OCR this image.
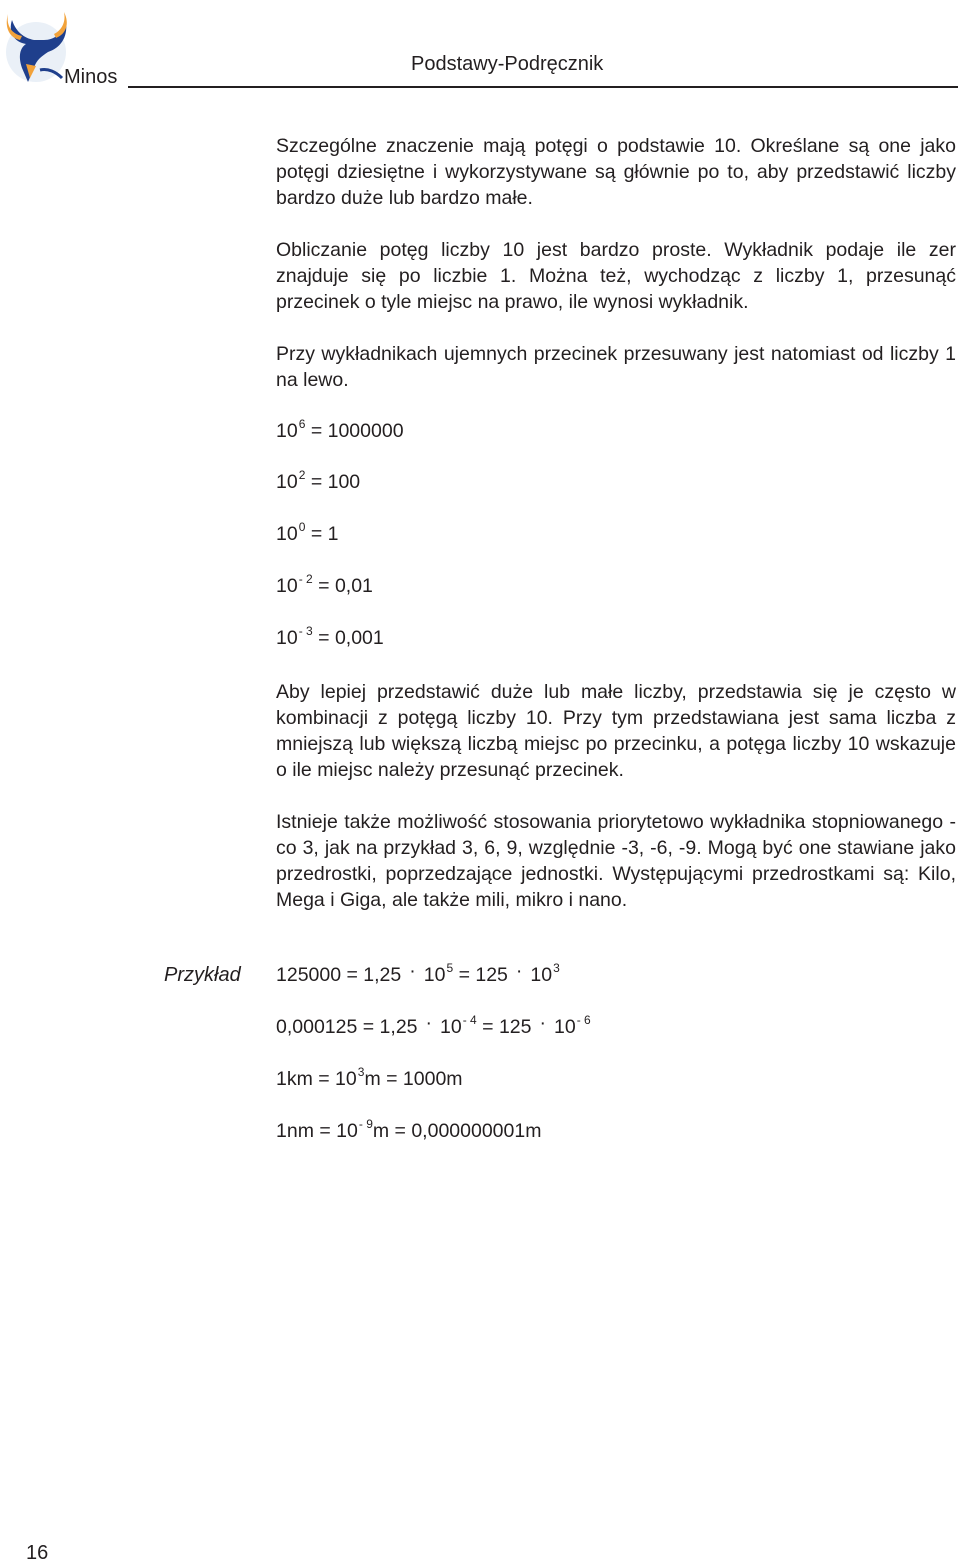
Minos
Podstawy-Podręcznik

Szczególne znaczenie mają potęgi o podstawie 10. Określane są one jako potęgi dziesiętne i wykorzystywane są głównie po to, aby przedstawić liczby bardzo duże lub bardzo małe.

Obliczanie potęg liczby 10 jest bardzo proste. Wykładnik podaje ile zer znajduje się po liczbie 1. Można też, wychodząc z liczby 1, przesunąć przecinek o tyle miejsc na prawo, ile wynosi wykładnik.

Przy wykładnikach ujemnych przecinek przesuwany jest natomiast od liczby 1 na lewo.

$10^6 = 1000000$
$10^2 = 100$
$10^0 = 1$
$10^{- 2} = 0,01$
$10^{- 3} = 0,001$

Aby lepiej przedstawić duże lub małe liczby, przedstawia się je często w kombinacji z potęgą liczby 10. Przy tym przedstawiana jest sama liczba z mniejszą lub większą liczbą miejsc po przecinku, a potęga liczby 10 wskazuje o ile miejsc należy przesunąć przecinek.

Istnieje także możliwość stosowania priorytetowo wykładnika stopniowanego - co 3, jak na przykład 3, 6, 9, względnie -3, -6, -9. Mogą być one stawiane jako przedrostki, poprzedzające jednostki. Występującymi przedrostkami są: Kilo, Mega i Giga, ale także mili, mikro i nano.

Przykład $125000 = 1,25 \cdot 10^5 = 125 \cdot 10^3$
$0,000125 = 1,25 \cdot 10^{- 4} = 125 \cdot 10^{- 6}$
$1km = 10^3m = 1000m$
$1nm = 10^{- 9}m = 0,000000001m$
16
